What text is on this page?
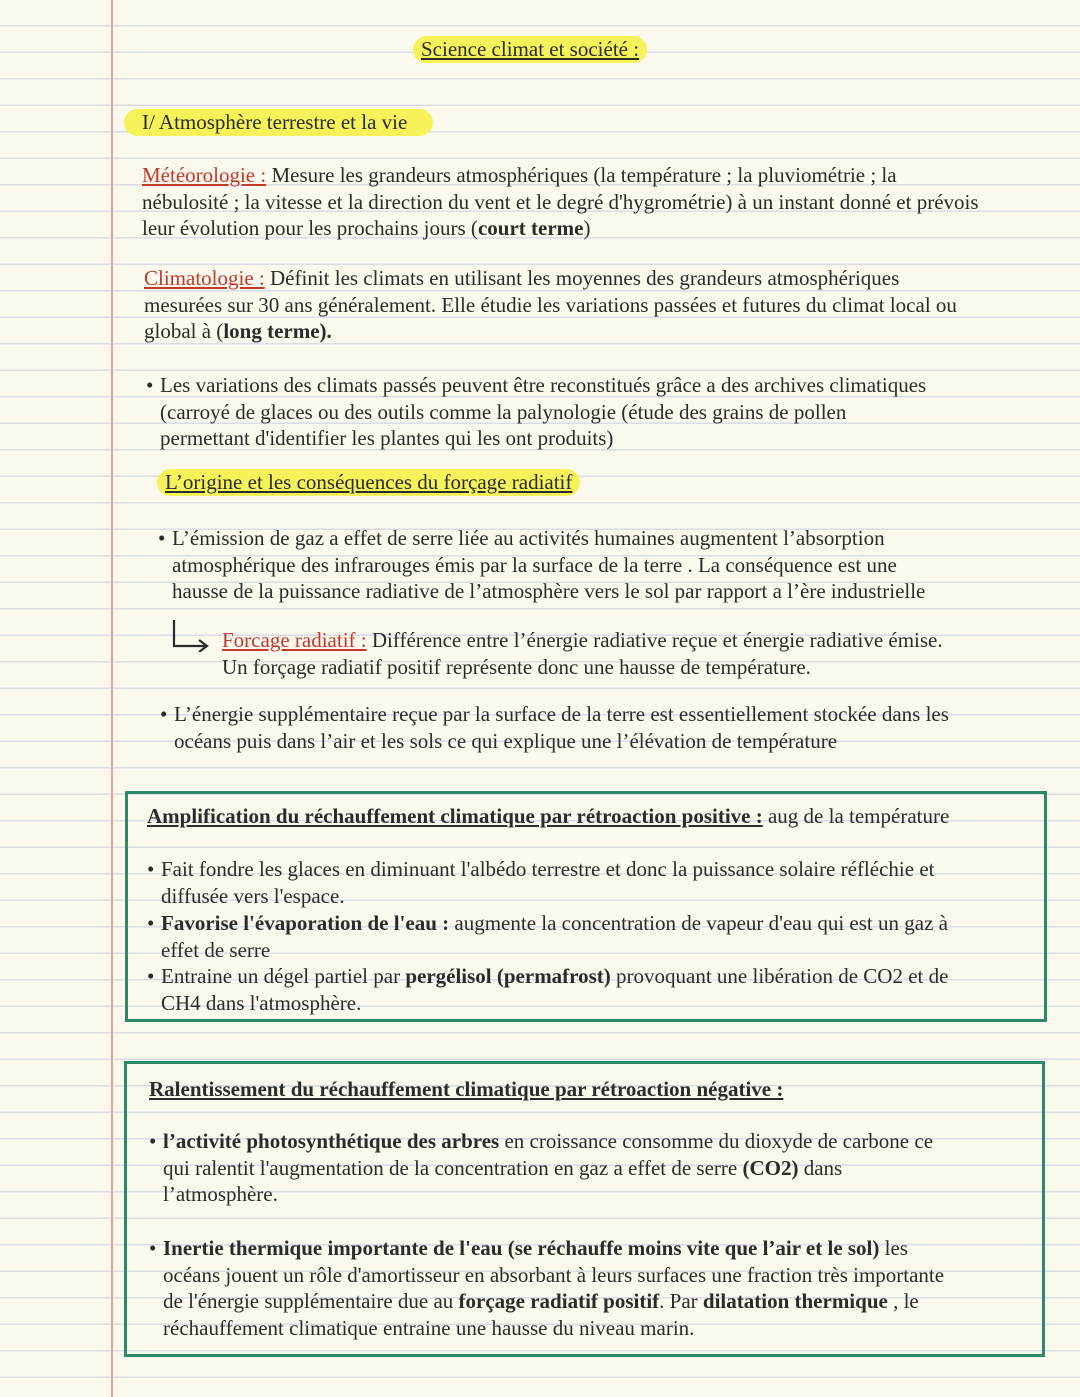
Science climat et société :
I/ Atmosphère terrestre et la vie
Météorologie : Mesure les grandeurs atmosphériques (la température ; la pluviométrie ; la
nébulosité ; la vitesse et la direction du vent et le degré d'hygrométrie) à un instant donné et prévois
leur évolution pour les prochains jours (court terme)
Climatologie : Définit les climats en utilisant les moyennes des grandeurs atmosphériques
mesurées sur 30 ans généralement. Elle étudie les variations passées et futures du climat local ou
global à (long terme).
• Les variations des climats passés peuvent être reconstitués grâce a des archives climatiques
(carroyé de glaces ou des outils comme la palynologie (étude des grains de pollen
permettant d'identifier les plantes qui les ont produits)
L’origine et les conséquences du forçage radiatif
• L’émission de gaz a effet de serre liée au activités humaines augmentent l’absorption
atmosphérique des infrarouges émis par la surface de la terre . La conséquence est une
hausse de la puissance radiative de l’atmosphère vers le sol par rapport a l’ère industrielle
Forcage radiatif : Différence entre l’énergie radiative reçue et énergie radiative émise.
Un forçage radiatif positif représente donc une hausse de température.
• L’énergie supplémentaire reçue par la surface de la terre est essentiellement stockée dans les
océans puis dans l’air et les sols ce qui explique une l’élévation de température
Amplification du réchauffement climatique par rétroaction positive : aug de la température
• Fait fondre les glaces en diminuant l'albédo terrestre et donc la puissance solaire réfléchie et
diffusée vers l'espace.
• Favorise l'évaporation de l'eau : augmente la concentration de vapeur d'eau qui est un gaz à
effet de serre
• Entraine un dégel partiel par pergélisol (permafrost) provoquant une libération de CO2 et de
CH4 dans l'atmosphère.
Ralentissement du réchauffement climatique par rétroaction négative :
• l’activité photosynthétique des arbres en croissance consomme du dioxyde de carbone ce
qui ralentit l'augmentation de la concentration en gaz a effet de serre (CO2) dans
l’atmosphère.
• Inertie thermique importante de l'eau (se réchauffe moins vite que l’air et le sol) les
océans jouent un rôle d'amortisseur en absorbant à leurs surfaces une fraction très importante
de l'énergie supplémentaire due au forçage radiatif positif. Par dilatation thermique , le
réchauffement climatique entraine une hausse du niveau marin.
